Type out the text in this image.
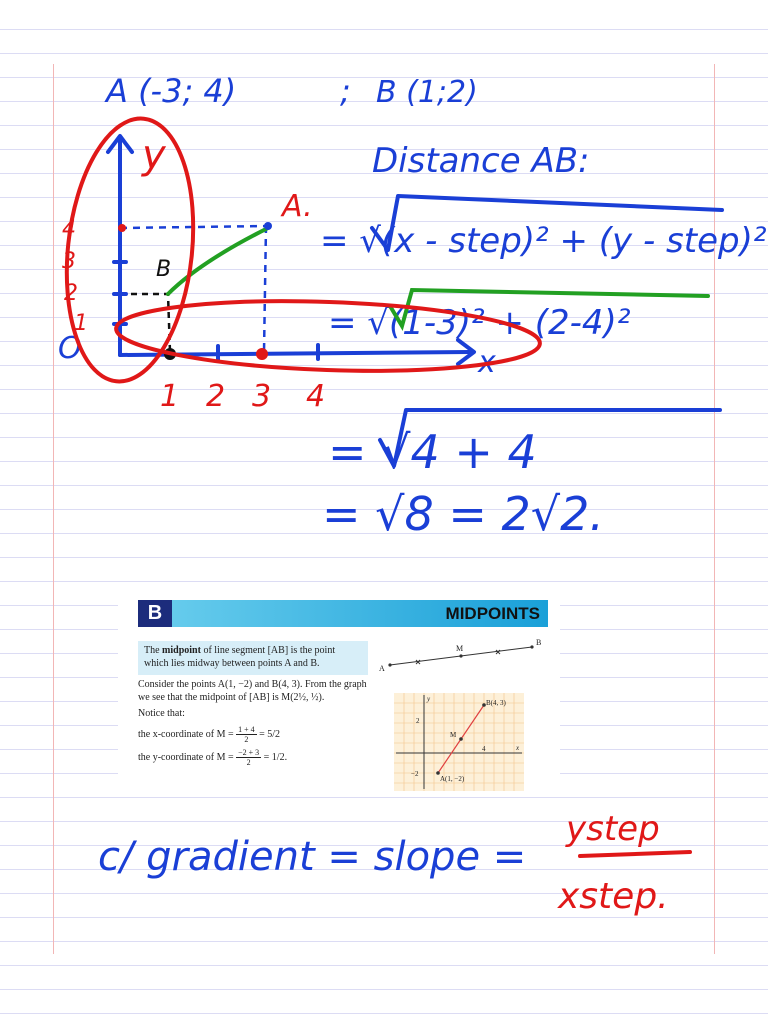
A (-3; 4)	; B (1;2)
Distance AB:
= √(x - step)² + (y - step)²
= √(1-3)² + (2-4)²
= √4 + 4
= √8 = 2√2.
y
x
A.
B
O
4
3
2
1
1 2 3 4
c/ gradient = slope =
ystep
xstep.
B	MIDPOINTS
The midpoint of line segment [AB] is the point which lies midway between points A and B.
Consider the points A(1, −2) and B(4, 3). From the graph we see that the midpoint of [AB] is M(2½, ½).
Notice that:
the x-coordinate of $M = \frac{1 + 4}{2} = 5/2$
the y-coordinate of $M = \frac{-2 + 3}{2} = 1/2$.
A
M
B
y
x
B(4, 3)
A(1, −2)
M
2
−2
4
